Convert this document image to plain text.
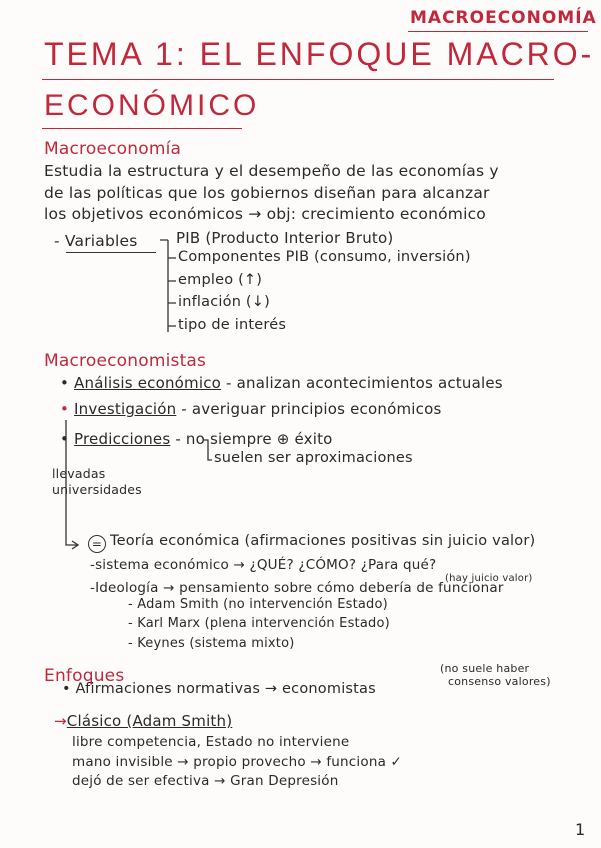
MACROECONOMÍA
TEMA 1: EL ENFOQUE MACRO-
ECONÓMICO
Macroeconomía
Estudia la estructura y el desempeño de las economías y
de las políticas que los gobiernos diseñan para alcanzar
los objetivos económicos → obj: crecimiento económico
- Variables	PIB (Producto Interior Bruto)
Componentes PIB (consumo, inversión)
empleo (↑)
inflación (↓)
tipo de interés
Macroeconomistas
• Análisis económico - analizan acontecimientos actuales
• Investigación - averiguar principios económicos
• Predicciones - no siempre ⊕ éxito
suelen ser aproximaciones
llevadas
universidades
= Teoría económica (afirmaciones positivas sin juicio valor)
-sistema económico → ¿QUÉ? ¿CÓMO? ¿Para qué?
-Ideología → pensamiento sobre cómo debería de funcionar
(hay juicio valor)
- Adam Smith (no intervención Estado)
- Karl Marx (plena intervención Estado)
- Keynes (sistema mixto)
Enfoques
• Afirmaciones normativas → economistas
(no suele haber
consenso valores)
→Clásico (Adam Smith)
libre competencia, Estado no interviene
mano invisible → propio provecho → funciona ✓
dejó de ser efectiva → Gran Depresión
1
